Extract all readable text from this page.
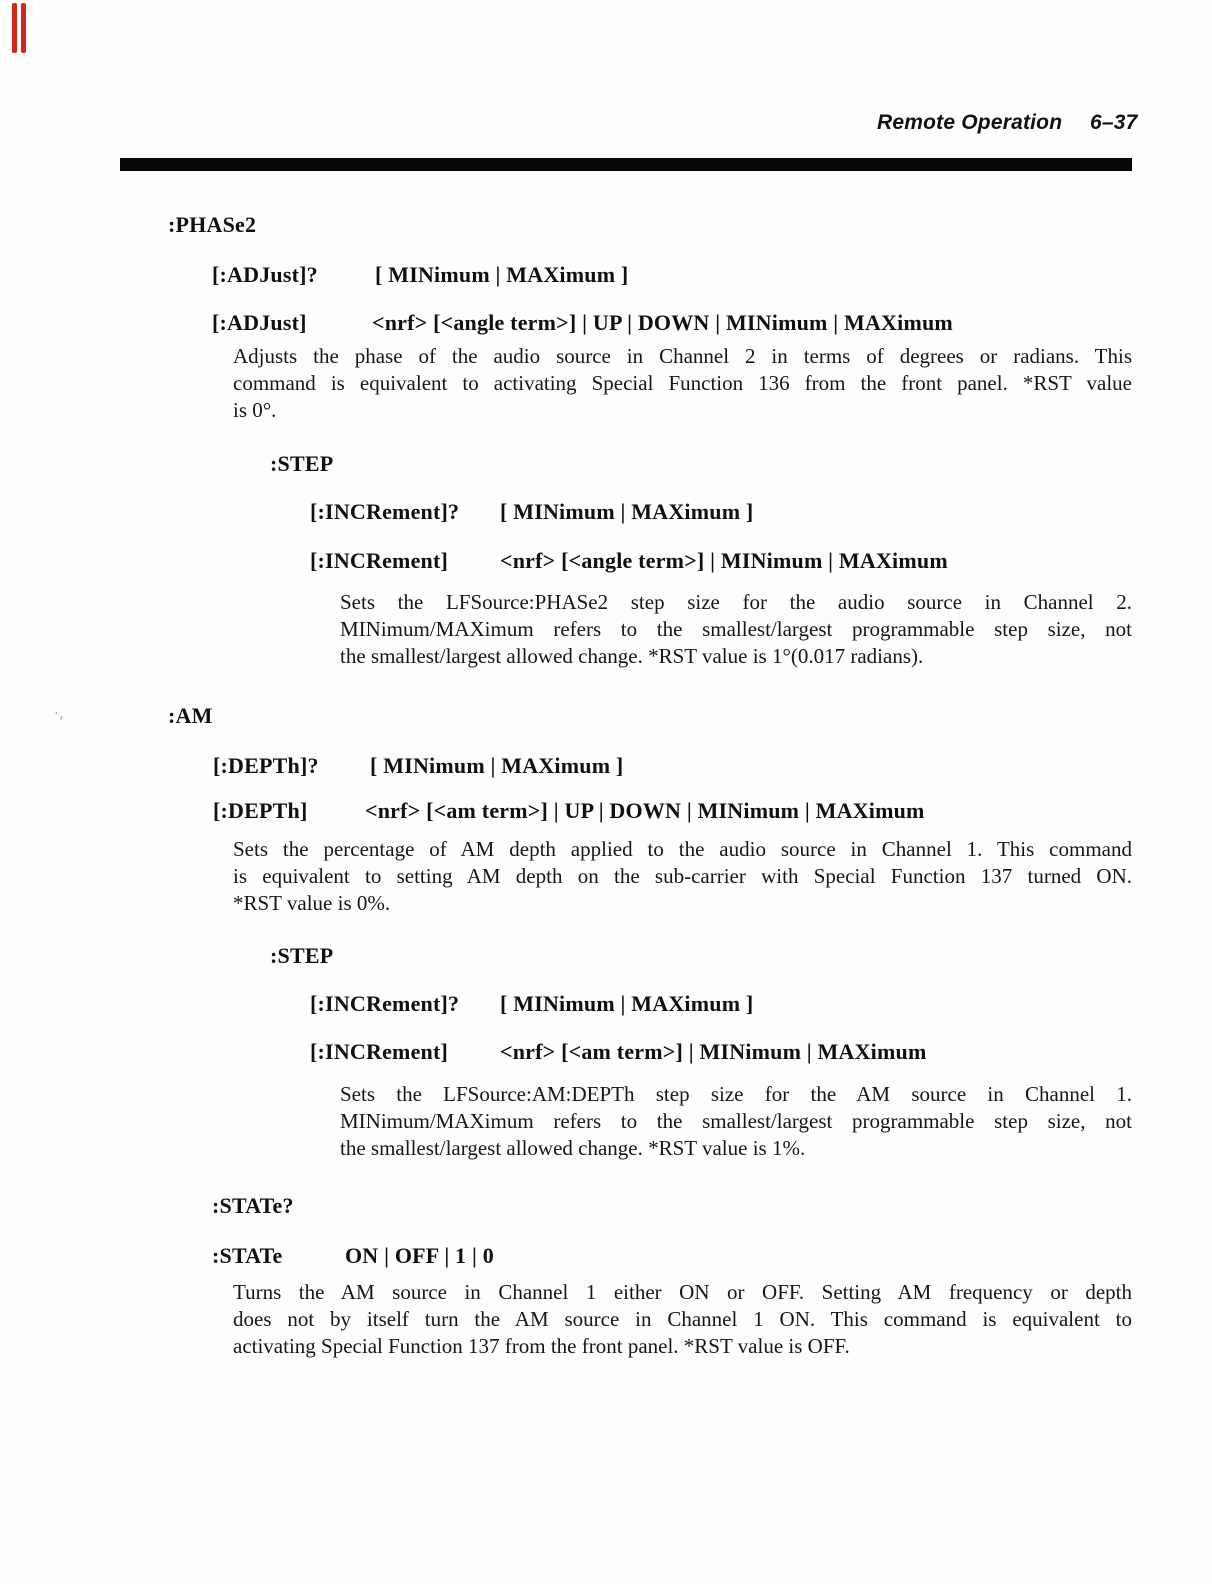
Remote Operation 6–37
·,
:PHASe2
[:ADJust]?	[ MINimum | MAXimum ]
[:ADJust]	<nrf> [<angle term>] | UP | DOWN | MINimum | MAXimum
Adjusts the phase of the audio source in Channel 2 in terms of degrees or radians. This
command is equivalent to activating Special Function 136 from the front panel. *RST value
is 0°.
:STEP
[:INCRement]? [ MINimum | MAXimum ]
[:INCRement] <nrf> [<angle term>] | MINimum | MAXimum
Sets the LFSource:PHASe2 step size for the audio source in Channel 2.
MINimum/MAXimum refers to the smallest/largest programmable step size, not
the smallest/largest allowed change. *RST value is 1°(0.017 radians).
:AM
[:DEPTh]? [ MINimum | MAXimum ]
[:DEPTh]	<nrf> [<am term>] | UP | DOWN | MINimum | MAXimum
Sets the percentage of AM depth applied to the audio source in Channel 1. This command
is equivalent to setting AM depth on the sub-carrier with Special Function 137 turned ON.
*RST value is 0%.
:STEP
[:INCRement]? [ MINimum | MAXimum ]
[:INCRement] <nrf> [<am term>] | MINimum | MAXimum
Sets the LFSource:AM:DEPTh step size for the AM source in Channel 1.
MINimum/MAXimum refers to the smallest/largest programmable step size, not
the smallest/largest allowed change. *RST value is 1%.
:STATe?
:STATe	ON | OFF | 1 | 0
Turns the AM source in Channel 1 either ON or OFF. Setting AM frequency or depth
does not by itself turn the AM source in Channel 1 ON. This command is equivalent to
activating Special Function 137 from the front panel. *RST value is OFF.
